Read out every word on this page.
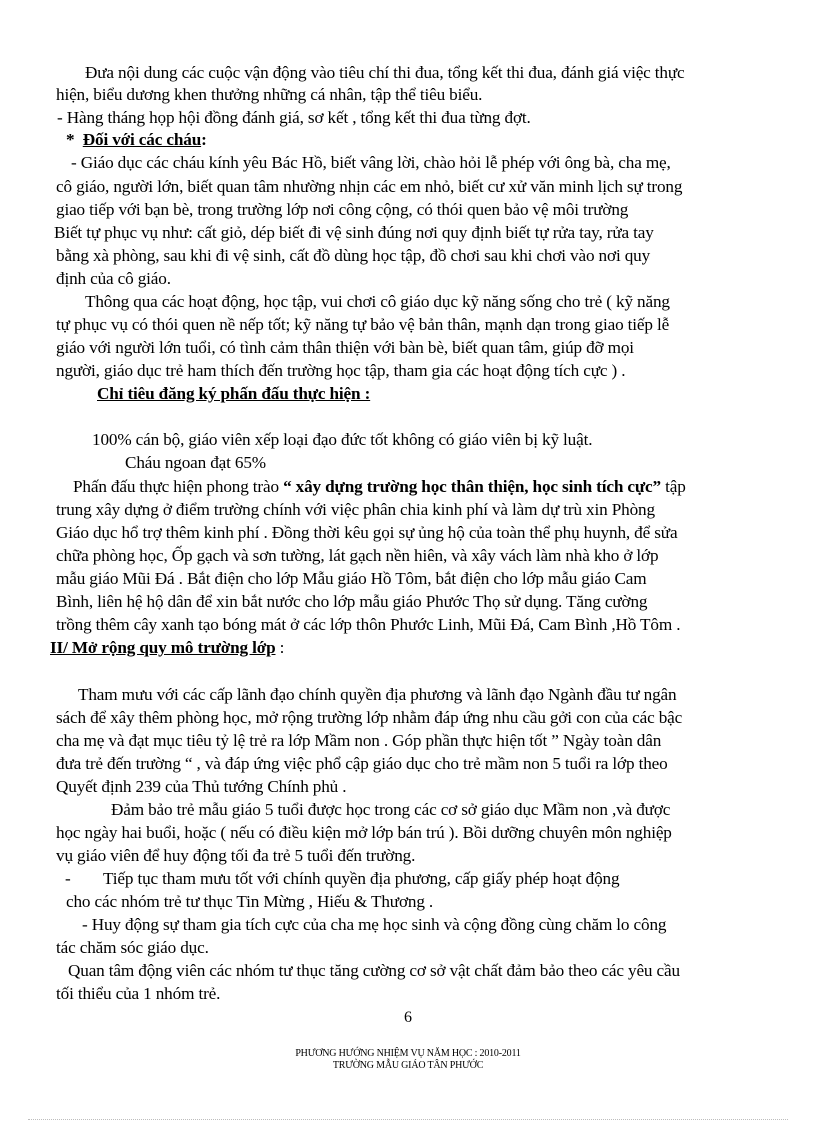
Đưa nội dung các cuộc vận động vào tiêu chí thi đua, tổng kết thi đua, đánh giá việc thực
hiện, biểu dương khen thưởng những cá nhân, tập thể tiêu biểu.
- Hàng tháng họp hội đồng đánh giá, sơ kết , tổng kết thi đua từng đợt.
* Đối với các cháu:
- Giáo dục các cháu kính yêu Bác Hồ, biết vâng lời, chào hỏi lễ phép với ông bà, cha mẹ,
cô giáo, người lớn, biết quan tâm nhường nhịn các em nhỏ, biết cư xử văn minh lịch sự trong
giao tiếp với bạn bè, trong trường lớp nơi công cộng, có thói quen bảo vệ môi trường
Biết tự phục vụ như: cất giỏ, dép biết đi vệ sinh đúng nơi quy định biết tự rửa tay, rửa tay
bằng xà phòng, sau khi đi vệ sinh, cất đồ dùng học tập, đồ chơi sau khi chơi vào nơi quy
định của cô giáo.
Thông qua các hoạt động, học tập, vui chơi cô giáo dục kỹ năng sống cho trẻ ( kỹ năng
tự phục vụ có thói quen nề nếp tốt; kỹ năng tự bảo vệ bản thân, mạnh dạn trong giao tiếp lễ
giáo với người lớn tuổi, có tình cảm thân thiện với bàn bè, biết quan tâm, giúp đỡ mọi
người, giáo dục trẻ ham thích đến trường học tập, tham gia các hoạt động tích cực ) .
Chỉ tiêu đăng ký phấn đấu thực hiện :
100% cán bộ, giáo viên xếp loại đạo đức tốt không có giáo viên bị kỹ luật.
Cháu ngoan đạt 65%
Phấn đấu thực hiện phong trào “ xây dựng trường học thân thiện, học sinh tích cực” tập
trung xây dựng ở điểm trường chính với việc phân chia kinh phí và làm dự trù xin Phòng
Giáo dục hổ trợ thêm kinh phí . Đồng thời kêu gọi sự ủng hộ của toàn thể phụ huynh, để sửa
chữa phòng học, Ốp gạch và sơn tường, lát gạch nền hiên, và xây vách làm nhà kho ở lớp
mẫu giáo Mũi Đá . Bắt điện cho lớp Mẫu giáo Hồ Tôm, bắt điện cho lớp mẫu giáo Cam
Bình, liên hệ hộ dân để xin bắt nước cho lớp mẫu giáo Phước Thọ sử dụng. Tăng cường
trồng thêm cây xanh tạo bóng mát ở các lớp thôn Phước Linh, Mũi Đá, Cam Bình ,Hồ Tôm .
II/ Mở rộng quy mô trường lớp :
Tham mưu với các cấp lãnh đạo chính quyền địa phương và lãnh đạo Ngành đầu tư ngân
sách để xây thêm phòng học, mở rộng trường lớp nhằm đáp ứng nhu cầu gởi con của các bậc
cha mẹ và đạt mục tiêu tỷ lệ trẻ ra lớp Mầm non . Góp phần thực hiện tốt ” Ngày toàn dân
đưa trẻ đến trường “ , và đáp ứng việc phổ cập giáo dục cho trẻ mầm non 5 tuổi ra lớp theo
Quyết định 239 của Thủ tướng Chính phủ .
Đảm bảo trẻ mẫu giáo 5 tuổi được học trong các cơ sở giáo dục Mầm non ,và được
học ngày hai buổi, hoặc ( nếu có điều kiện mở lớp bán trú ). Bồi dưỡng chuyên môn nghiệp
vụ giáo viên để huy động tối đa trẻ 5 tuổi đến trường.
- Tiếp tục tham mưu tốt với chính quyền địa phương, cấp giấy phép hoạt động
cho các nhóm trẻ tư thục Tin Mừng , Hiếu & Thương .
- Huy động sự tham gia tích cực của cha mẹ học sinh và cộng đồng cùng chăm lo công
tác chăm sóc giáo dục.
Quan tâm động viên các nhóm tư thục tăng cường cơ sở vật chất đảm bảo theo các yêu cầu
tối thiểu của 1 nhóm trẻ.
6
PHƯƠNG HƯỚNG NHIỆM VỤ NĂM HỌC : 2010-2011
TRƯỜNG MẪU GIÁO TÂN PHƯỚC
